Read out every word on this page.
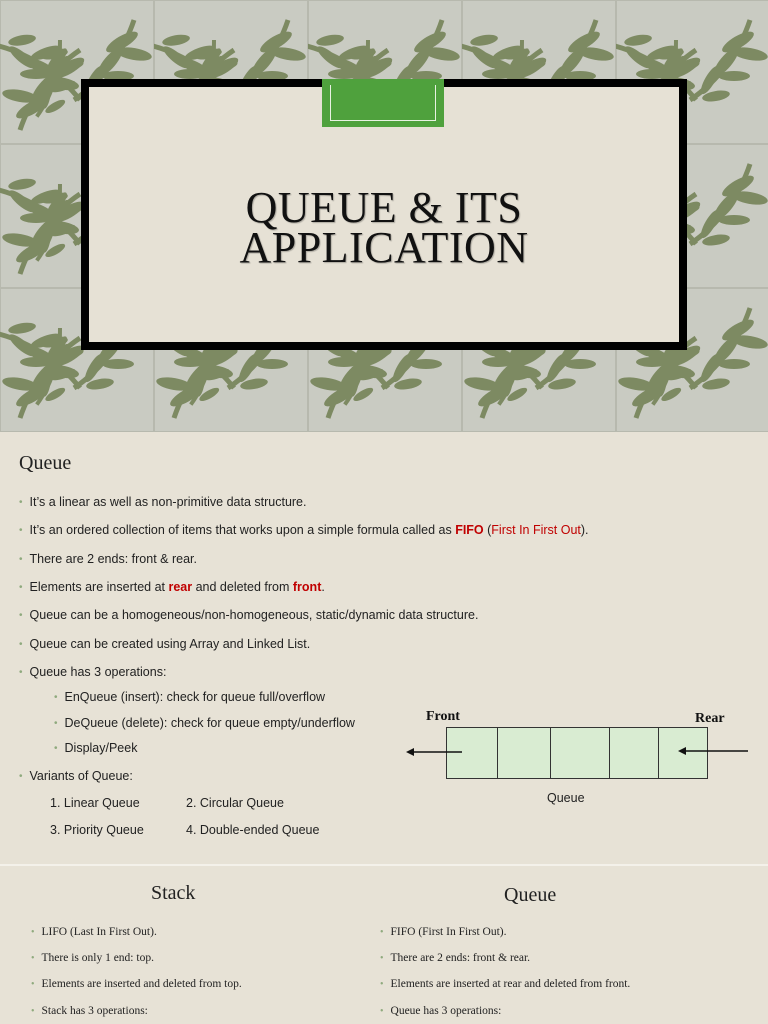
QUEUE & ITS
APPLICATION
Queue
• It’s a linear as well as non-primitive data structure.
• It’s an ordered collection of items that works upon a simple formula called as FIFO (First In First Out).
• There are 2 ends: front & rear.
• Elements are inserted at rear and deleted from front.
• Queue can be a homogeneous/non-homogeneous, static/dynamic data structure.
• Queue can be created using Array and Linked List.
• Queue has 3 operations:
• EnQueue (insert): check for queue full/overflow
• DeQueue (delete): check for queue empty/underflow
• Display/Peek
• Variants of Queue:
1. Linear Queue	2. Circular Queue
3. Priority Queue	4. Double-ended Queue
Front	Rear
Queue
Stack	Queue
• LIFO (Last In First Out).
• There is only 1 end: top.
• Elements are inserted and deleted from top.
• Stack has 3 operations:
• FIFO (First In First Out).
• There are 2 ends: front & rear.
• Elements are inserted at rear and deleted from front.
• Queue has 3 operations:
